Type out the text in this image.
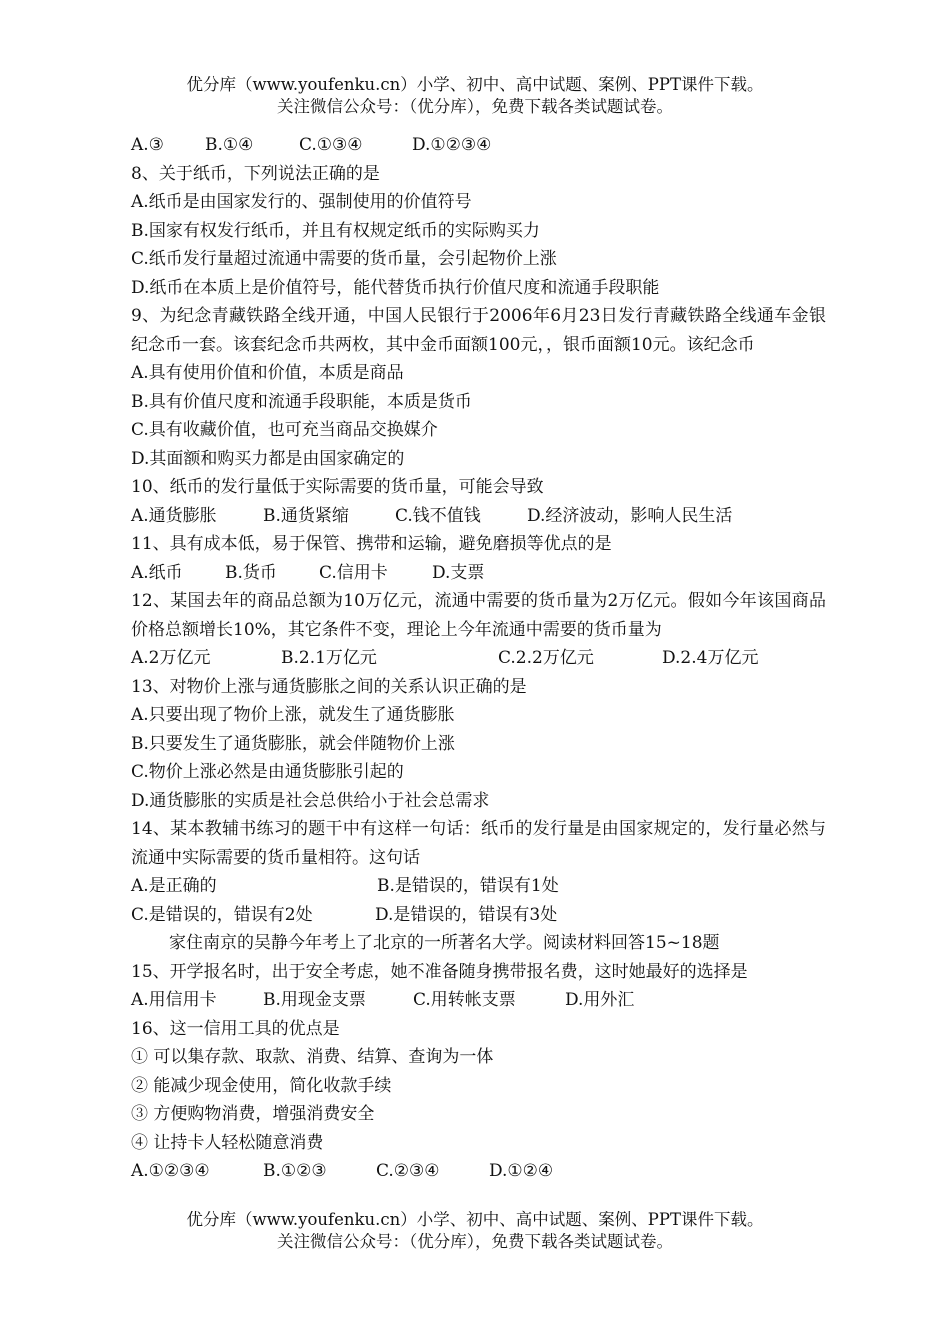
优分库（www.youfenku.cn）小学、初中、高中试题、案例、PPT课件下载。
关注微信公众号：（优分库），免费下载各类试题试卷。
A.③ B.①④	C.①③④	D.①②③④
8、关于纸币，下列说法正确的是
A.纸币是由国家发行的、强制使用的价值符号
B.国家有权发行纸币，并且有权规定纸币的实际购买力
C.纸币发行量超过流通中需要的货币量，会引起物价上涨
D.纸币在本质上是价值符号，能代替货币执行价值尺度和流通手段职能
9、为纪念青藏铁路全线开通，中国人民银行于2006年6月23日发行青藏铁路全线通车金银纪念币一套。该套纪念币共两枚，其中金币面额100元，，银币面额10元。该纪念币
A.具有使用价值和价值，本质是商品
B.具有价值尺度和流通手段职能，本质是货币
C.具有收藏价值，也可充当商品交换媒介
D.其面额和购买力都是由国家确定的
10、纸币的发行量低于实际需要的货币量，可能会导致
A.通货膨胀	B.通货紧缩	C.钱不值钱	D.经济波动，影响人民生活
11、具有成本低，易于保管、携带和运输，避免磨损等优点的是
A.纸币 B.货币 C.信用卡	D.支票
12、某国去年的商品总额为10万亿元，流通中需要的货币量为2万亿元。假如今年该国商品价格总额增长10%，其它条件不变，理论上今年流通中需要的货币量为
A.2万亿元	B.2.1万亿元	C.2.2万亿元	D.2.4万亿元
13、对物价上涨与通货膨胀之间的关系认识正确的是
A.只要出现了物价上涨，就发生了通货膨胀
B.只要发生了通货膨胀，就会伴随物价上涨
C.物价上涨必然是由通货膨胀引起的
D.通货膨胀的实质是社会总供给小于社会总需求
14、某本教辅书练习的题干中有这样一句话：纸币的发行量是由国家规定的，发行量必然与流通中实际需要的货币量相符。这句话
A.是正确的	B.是错误的，错误有1处
C.是错误的，错误有2处	D.是错误的，错误有3处
家住南京的吴静今年考上了北京的一所著名大学。阅读材料回答15~18题
15、开学报名时，出于安全考虑，她不准备随身携带报名费，这时她最好的选择是
A.用信用卡	B.用现金支票	C.用转帐支票	D.用外汇
16、这一信用工具的优点是
① 可以集存款、取款、消费、结算、查询为一体
② 能减少现金使用，简化收款手续
③ 方便购物消费，增强消费安全
④ 让持卡人轻松随意消费
A.①②③④	B.①②③	C.②③④	D.①②④
优分库（www.youfenku.cn）小学、初中、高中试题、案例、PPT课件下载。
关注微信公众号：（优分库），免费下载各类试题试卷。
